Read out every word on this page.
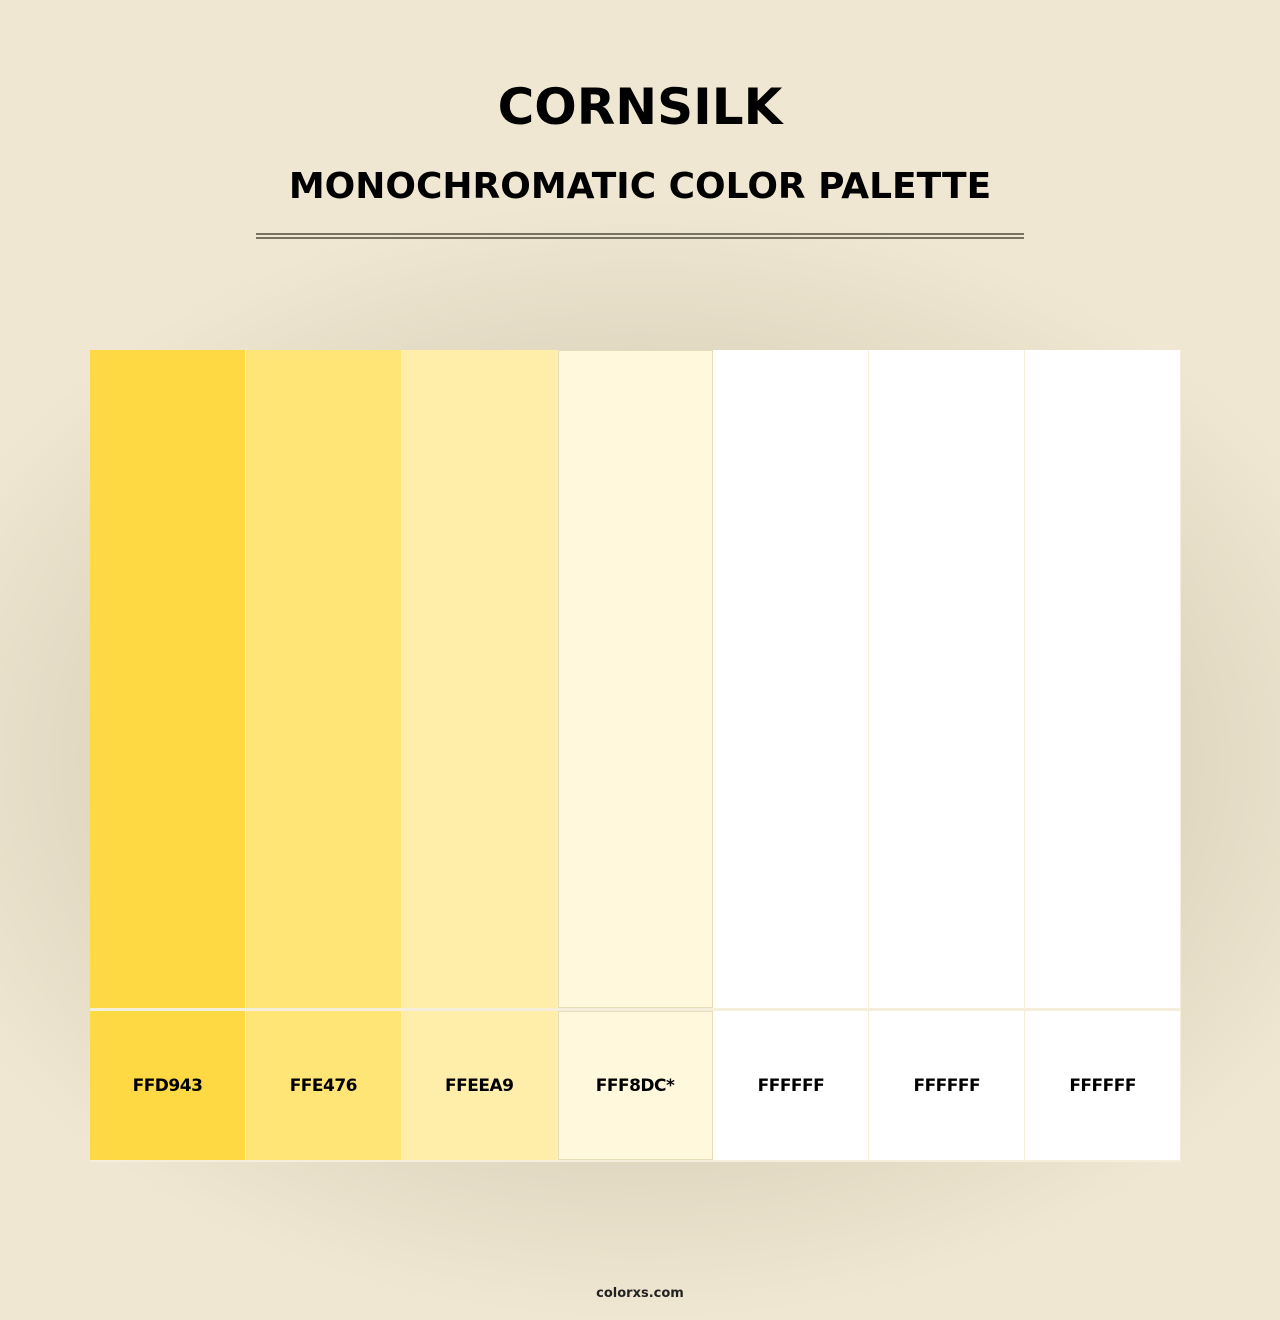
CORNSILK
MONOCHROMATIC COLOR PALETTE
FFD943	FFE476	FFEEA9	FFF8DC*	FFFFFF	FFFFFF	FFFFFF
colorxs.com
